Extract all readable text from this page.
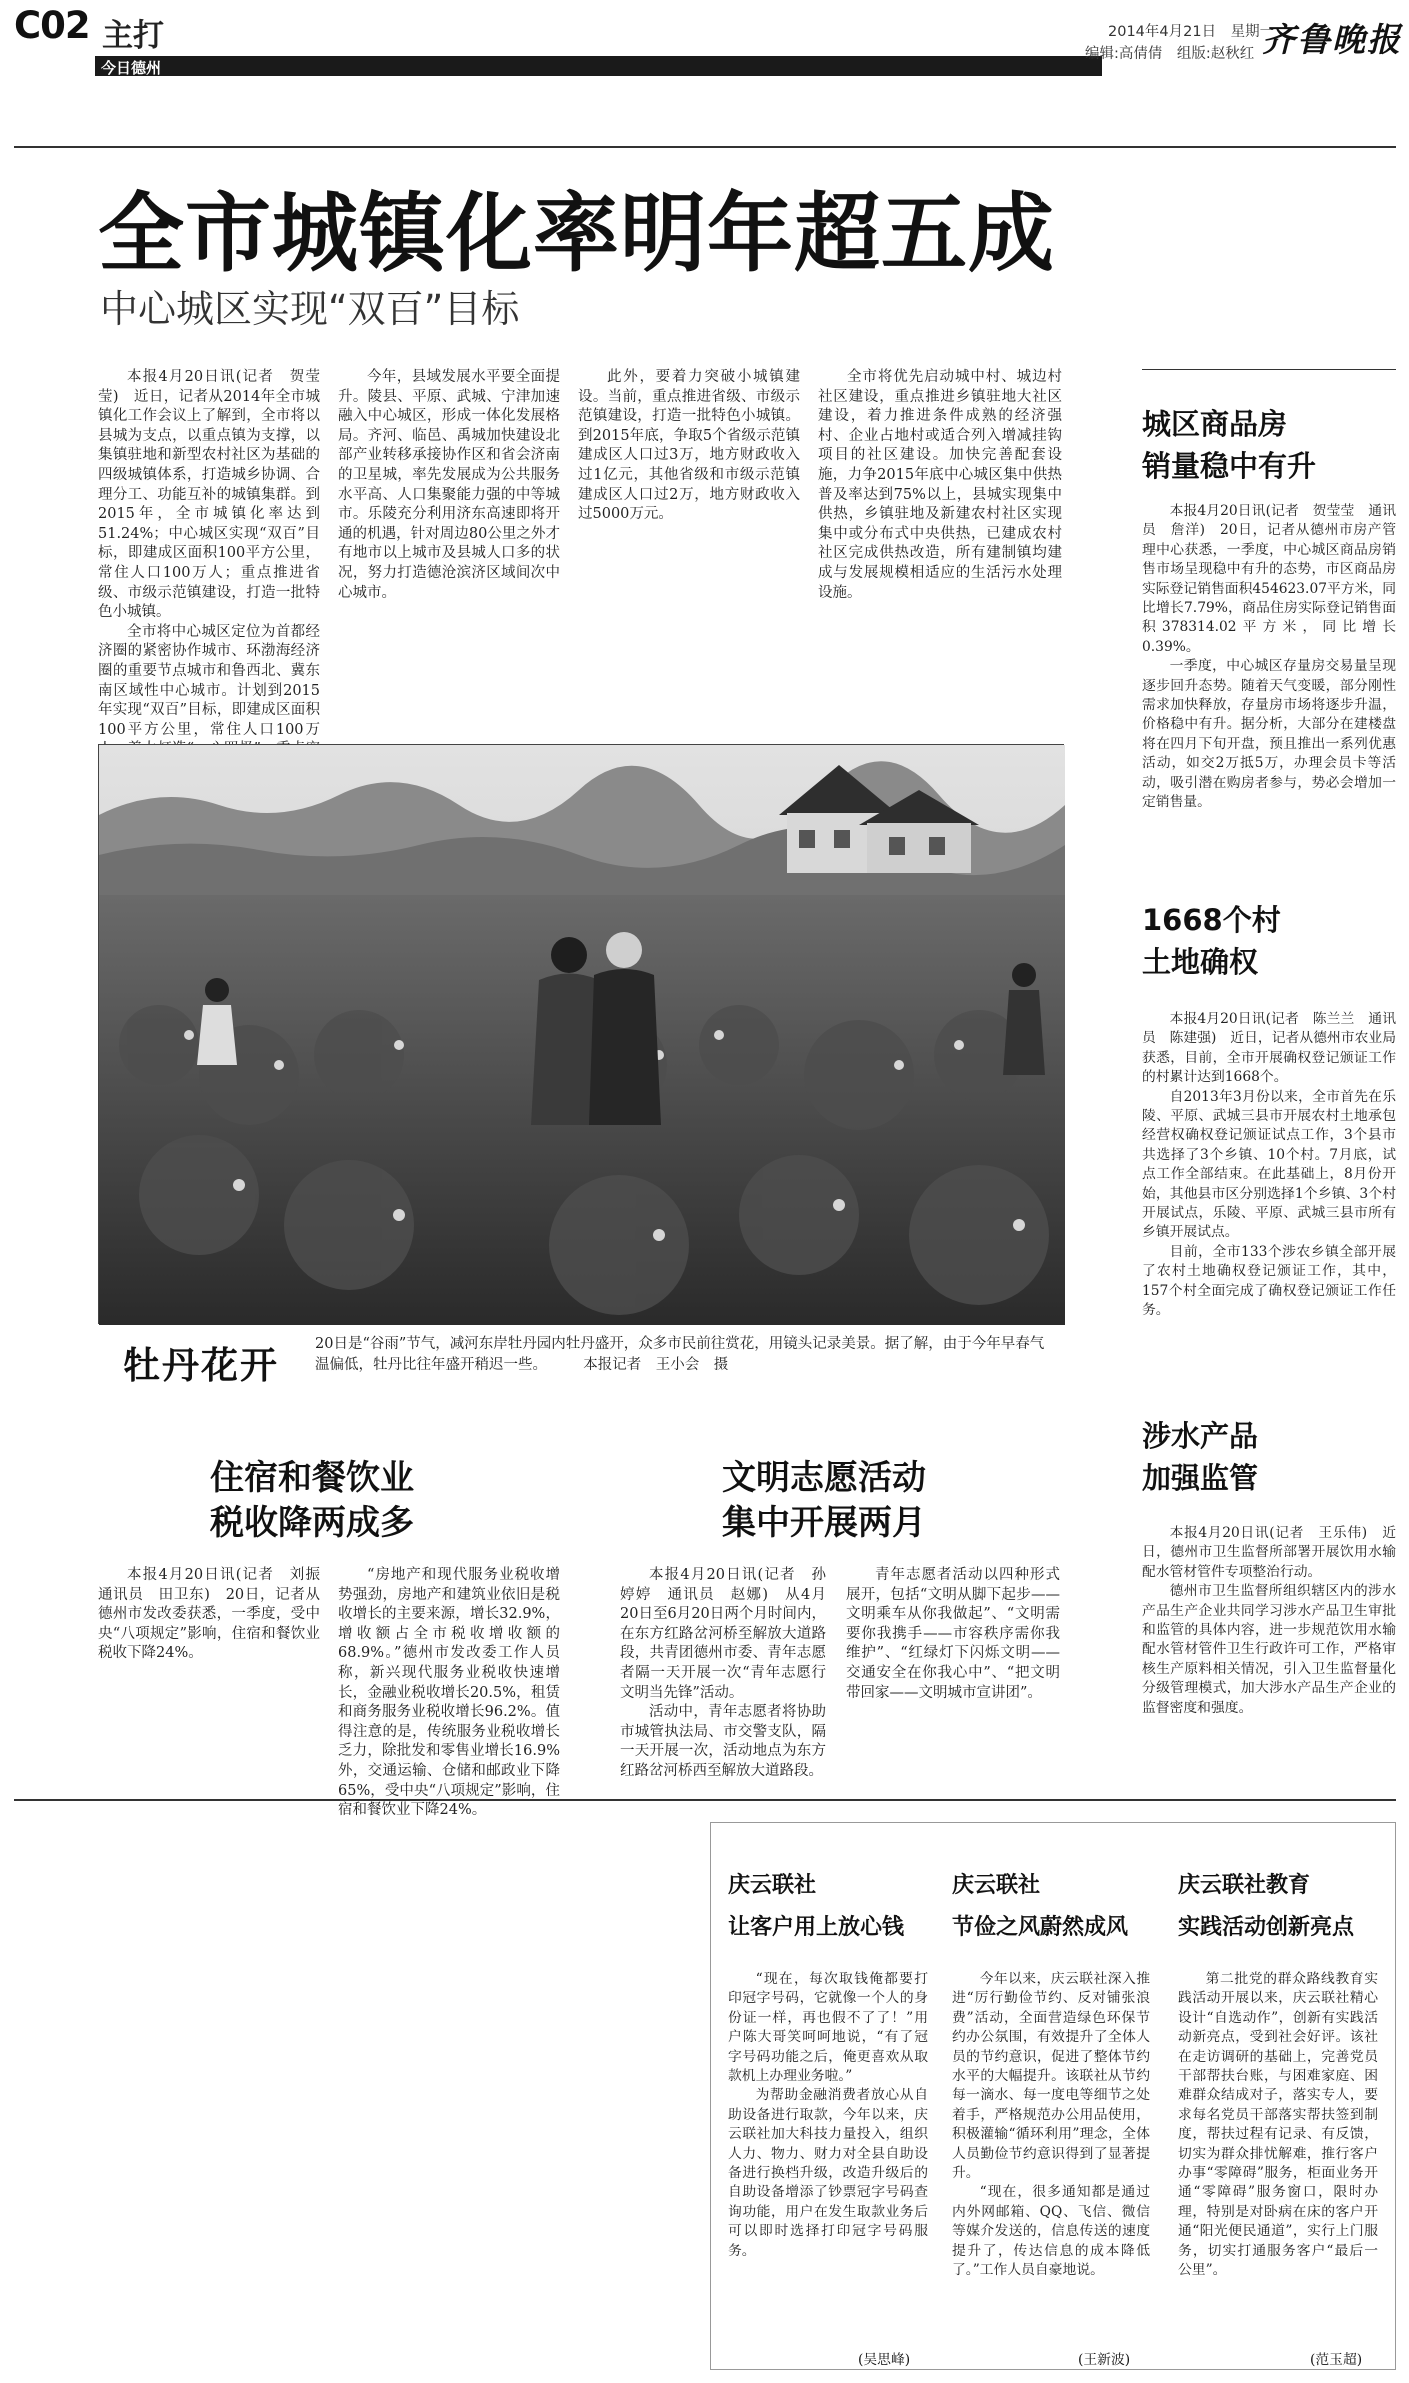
C02 主打
今日德州
2014年4月21日　 星期一
编辑:高倩倩　 组版:赵秋红 齐鲁晚报
全市城镇化率明年超五成
中心城区实现“双百”目标

本报4月20日讯(记者　贺莹莹)　近日，记者从2014年全市城镇化工作会议上了解到，全市将以县城为支点，以重点镇为支撑，以集镇驻地和新型农村社区为基础的四级城镇体系，打造城乡协调、合理分工、功能互补的城镇集群。到2015年，全市城镇化率达到51.24%；中心城区实现“双百”目标，即建成区面积100平方公里，常住人口100万人；重点推进省级、市级示范镇建设，打造一批特色小城镇。

全市将中心城区定位为首都经济圈的紧密协作城市、环渤海经济圈的重要节点城市和鲁西北、冀东南区域性中心城市。计划到2015年实现“双百”目标，即建成区面积100平方公里，常住人口100万

今年，县域发展水平要全面提升。陵县、平原、武城、宁津加速融入中心城区，形成一体化发展格局。齐河、临邑、禹城加快建设北部产业转移承接协作区和省会济南的卫星城，率先发展成为公共服务水平高、人口集聚能力强的中等城市。乐陵充分利用济东高速即将开通的机遇，针对周边80公里之外才有地市以上城市及县城人口多的状况，努力打造德沧滨济区域间次中心城市。

此外，要着力突破小城镇建设。当前，重点推进省级、市级示范镇建设，打造一批特色小城镇。到2015年底，争取5个省级示范镇建成区人口过3万，地方财政收入过1亿元，其他省级和市级示范镇建成区人口过2万，地方财政收入过5000万元。

全市将优先启动城中村、城边村社区建设，重点推进乡镇驻地大社区建设，着力推进条件成熟的经济强村、企业占地村或适合列入增减挂钩项目的社区建设。加快完善配套设施，力争2015年底中心城区集中供热普及率达到75%以上，县城实现集中供热，乡镇驻地及新建农村社区实现集中或分布式中央供热，已建成农村社区完成供热改造，所有建制镇均建成与发展规模相适应的生活污水处理设施。

牡丹花开 20日是“谷雨”节气，减河东岸牡丹园内牡丹盛开，众多市民前往赏花，用镜头记录美景。据了解，由于今年早春气温偏低，牡丹比往年盛开稍迟一些。　　　	本报记者　王小会　摄
住宿和餐饮业
税收降两成多

本报4月20日讯(记者　刘振　通讯员　田卫东)　20日，记者从德州市发改委获悉，一季度，受中央“八项规定”影响，住宿和餐饮业税收下降24%。

“房地产和现代服务业税收增势强劲，房地产和建筑业依旧是税收增长的主要来源，增长32.9%，增收额占全市税收增收额的68.9%。”德州市发改委工作人员称，新兴现代服务业税收快速增长，金融业税收增长20.5%，租赁和商务服务业税收增长96.2%。值得注意的是，传统服务业税收增长乏力，除批发和零售业增长16.9%外，交通运输、仓储和邮政业下降65%，受中央“八项规定”影响，住宿和餐饮业下降24%。

文明志愿活动
集中开展两月

本报4月20日讯(记者　孙婷婷　通讯员　赵娜)　从4月20日至6月20日两个月时间内，在东方红路岔河桥至解放大道路段，共青团德州市委、青年志愿者隔一天开展一次“青年志愿行　文明当先锋”活动。

活动中，青年志愿者将协助市城管执法局、市交警支队，隔一天开展一次，活动地点为东方红路岔河桥西至解放大道路段。

青年志愿者活动以四种形式展开，包括“文明从脚下起步——文明乘车从你我做起”、“文明需要你我携手——市容秩序需你我维护”、“红绿灯下闪烁文明——交通安全在你我心中”、“把文明带回家——文明城市宣讲团”。

城区商品房
销量稳中有升

本报4月20日讯(记者　贺莹莹　通讯员　詹洋)　20日，记者从德州市房产管理中心获悉，一季度，中心城区商品房销售市场呈现稳中有升的态势，市区商品房实际登记销售面积454623.07平方米，同比增长7.79%，商品住房实际登记销售面积378314.02平方米，同比增长0.39%。

一季度，中心城区存量房交易量呈现逐步回升态势。随着天气变暖，部分刚性需求加快释放，存量房市场将逐步升温，价格稳中有升。据分析，大部分在建楼盘将在四月下旬开盘，预且推出一系列优惠活动，如交2万抵5万，办理会员卡等活动，吸引潜在购房者参与，势必会增加一定销售量。

1668个村
土地确权

本报4月20日讯(记者　陈兰兰　通讯员　陈建强)　近日，记者从德州市农业局获悉，目前，全市开展确权登记颁证工作的村累计达到1668个。

自2013年3月份以来，全市首先在乐陵、平原、武城三县市开展农村土地承包经营权确权登记颁证试点工作，3个县市共选择了3个乡镇、10个村。7月底，试点工作全部结束。在此基础上，8月份开始，其他县市区分别选择1个乡镇、3个村开展试点，乐陵、平原、武城三县市所有乡镇开展试点。

目前，全市133个涉农乡镇全部开展了农村土地确权登记颁证工作，其中，157个村全面完成了确权登记颁证工作任务。

涉水产品
加强监管

本报4月20日讯(记者　王乐伟)　近日，德州市卫生监督所部署开展饮用水输配水管材管件专项整治行动。

德州市卫生监督所组织辖区内的涉水产品生产企业共同学习涉水产品卫生审批和监管的具体内容，进一步规范饮用水输配水管材管件卫生行政许可工作，严格审核生产原料相关情况，引入卫生监督量化分级管理模式，加大涉水产品生产企业的监督密度和强度。

庆云联社
让客户用上放心钱

“现在，每次取钱俺都要打印冠字号码，它就像一个人的身份证一样，再也假不了了！”用户陈大哥笑呵呵地说，“有了冠字号码功能之后，俺更喜欢从取款机上办理业务啦。”

为帮助金融消费者放心从自助设备进行取款，今年以来，庆云联社加大科技力量投入，组织人力、物力、财力对全县自助设备进行换档升级，改造升级后的自助设备增添了钞票冠字号码查询功能，用户在发生取款业务后可以即时选择打印冠字号码服务。

(吴思峰)
庆云联社
节俭之风蔚然成风

今年以来，庆云联社深入推进“厉行勤俭节约、反对铺张浪费”活动，全面营造绿色环保节约办公氛围，有效提升了全体人员的节约意识，促进了整体节约水平的大幅提升。该联社从节约每一滴水、每一度电等细节之处着手，严格规范办公用品使用，积极灌输“循环利用”理念，全体人员勤俭节约意识得到了显著提升。

“现在，很多通知都是通过内外网邮箱、QQ、飞信、微信等媒介发送的，信息传送的速度提升了，传达信息的成本降低了。”工作人员自豪地说。

(王新波)
庆云联社教育
实践活动创新亮点

第二批党的群众路线教育实践活动开展以来，庆云联社精心设计“自选动作”，创新有实践活动新亮点，受到社会好评。该社在走访调研的基础上，完善党员干部帮扶台账，与困难家庭、困难群众结成对子，落实专人，要求每名党员干部落实帮扶签到制度，帮扶过程有记录、有反馈，切实为群众排忧解难，推行客户办事“零障碍”服务，柜面业务开通“零障碍”服务窗口，限时办理，特别是对卧病在床的客户开通“阳光便民通道”，实行上门服务，切实打通服务客户“最后一公里”。

(范玉超)
